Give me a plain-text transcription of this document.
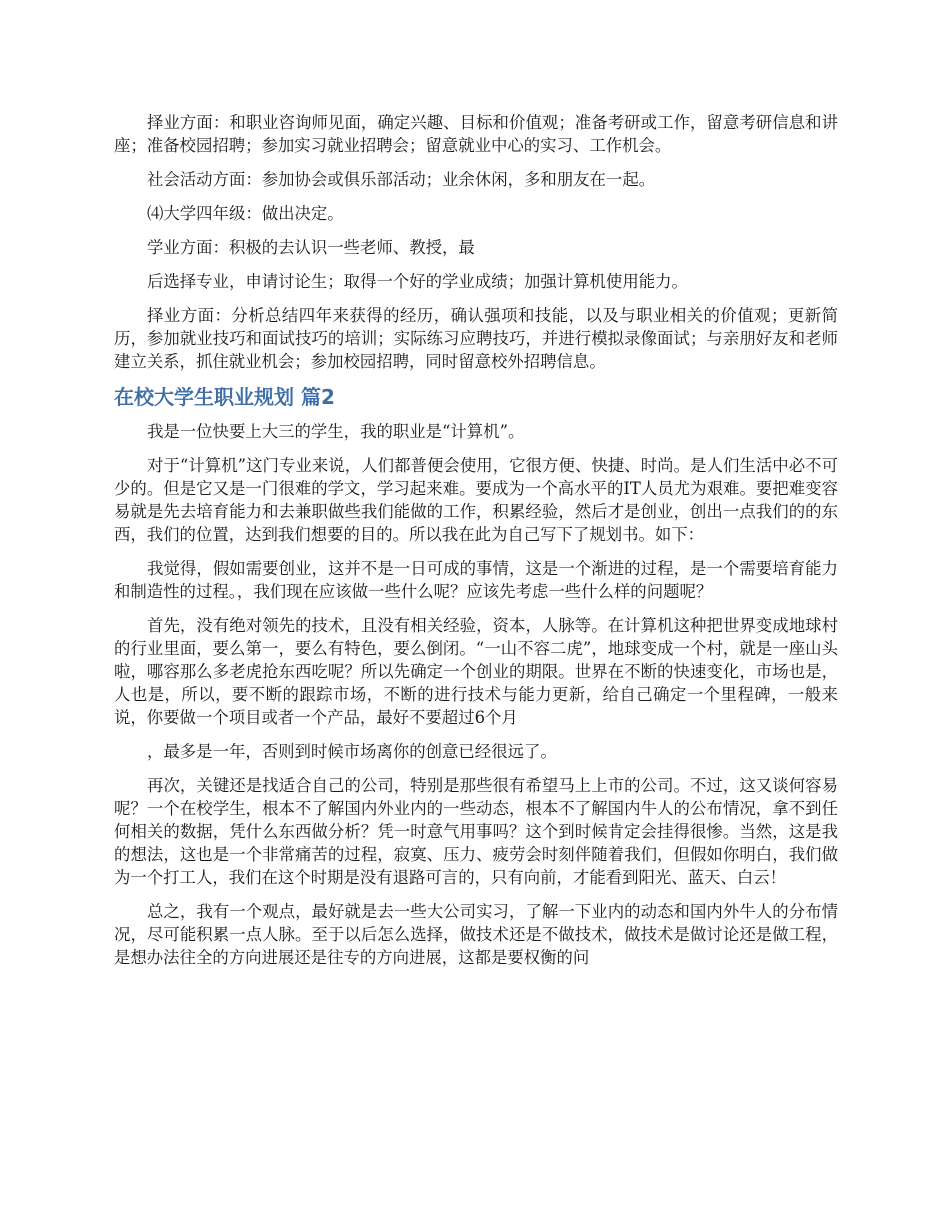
择业方面：和职业咨询师见面，确定兴趣、目标和价值观；准备考研或工作，留意考研信息和讲座；准备校园招聘；参加实习就业招聘会；留意就业中心的实习、工作机会。

社会活动方面：参加协会或俱乐部活动；业余休闲，多和朋友在一起。

⑷大学四年级：做出决定。

学业方面：积极的去认识一些老师、教授，最

后选择专业，申请讨论生；取得一个好的学业成绩；加强计算机使用能力。

择业方面：分析总结四年来获得的经历，确认强项和技能，以及与职业相关的价值观；更新简历，参加就业技巧和面试技巧的培训；实际练习应聘技巧，并进行模拟录像面试；与亲朋好友和老师建立关系，抓住就业机会；参加校园招聘，同时留意校外招聘信息。

在校大学生职业规划 篇2

我是一位快要上大三的学生，我的职业是“计算机”。

对于“计算机”这门专业来说，人们都普便会使用，它很方便、快捷、时尚。是人们生活中必不可少的。但是它又是一门很难的学文，学习起来难。要成为一个高水平的IT人员尤为艰难。要把难变容易就是先去培育能力和去兼职做些我们能做的工作，积累经验，然后才是创业，创出一点我们的的东西，我们的位置，达到我们想要的目的。所以我在此为自己写下了规划书。如下：

我觉得，假如需要创业，这并不是一日可成的事情，这是一个渐进的过程，是一个需要培育能力和制造性的过程。，我们现在应该做一些什么呢？应该先考虑一些什么样的问题呢？

首先，没有绝对领先的技术，且没有相关经验，资本，人脉等。在计算机这种把世界变成地球村的行业里面，要么第一，要么有特色，要么倒闭。“一山不容二虎”，地球变成一个村，就是一座山头啦，哪容那么多老虎抢东西吃呢？所以先确定一个创业的期限。世界在不断的快速变化，市场也是，人也是，所以，要不断的跟踪市场，不断的进行技术与能力更新，给自己确定一个里程碑，一般来说，你要做一个项目或者一个产品，最好不要超过6个月

，最多是一年，否则到时候市场离你的创意已经很远了。

再次，关键还是找适合自己的公司，特别是那些很有希望马上上市的公司。不过，这又谈何容易呢？一个在校学生，根本不了解国内外业内的一些动态，根本不了解国内牛人的公布情况，拿不到任何相关的数据，凭什么东西做分析？凭一时意气用事吗？这个到时候肯定会挂得很惨。当然，这是我的想法，这也是一个非常痛苦的过程，寂寞、压力、疲劳会时刻伴随着我们，但假如你明白，我们做为一个打工人，我们在这个时期是没有退路可言的，只有向前，才能看到阳光、蓝天、白云！

总之，我有一个观点，最好就是去一些大公司实习，了解一下业内的动态和国内外牛人的分布情况，尽可能积累一点人脉。至于以后怎么选择，做技术还是不做技术，做技术是做讨论还是做工程，是想办法往全的方向进展还是往专的方向进展，这都是要权衡的问
